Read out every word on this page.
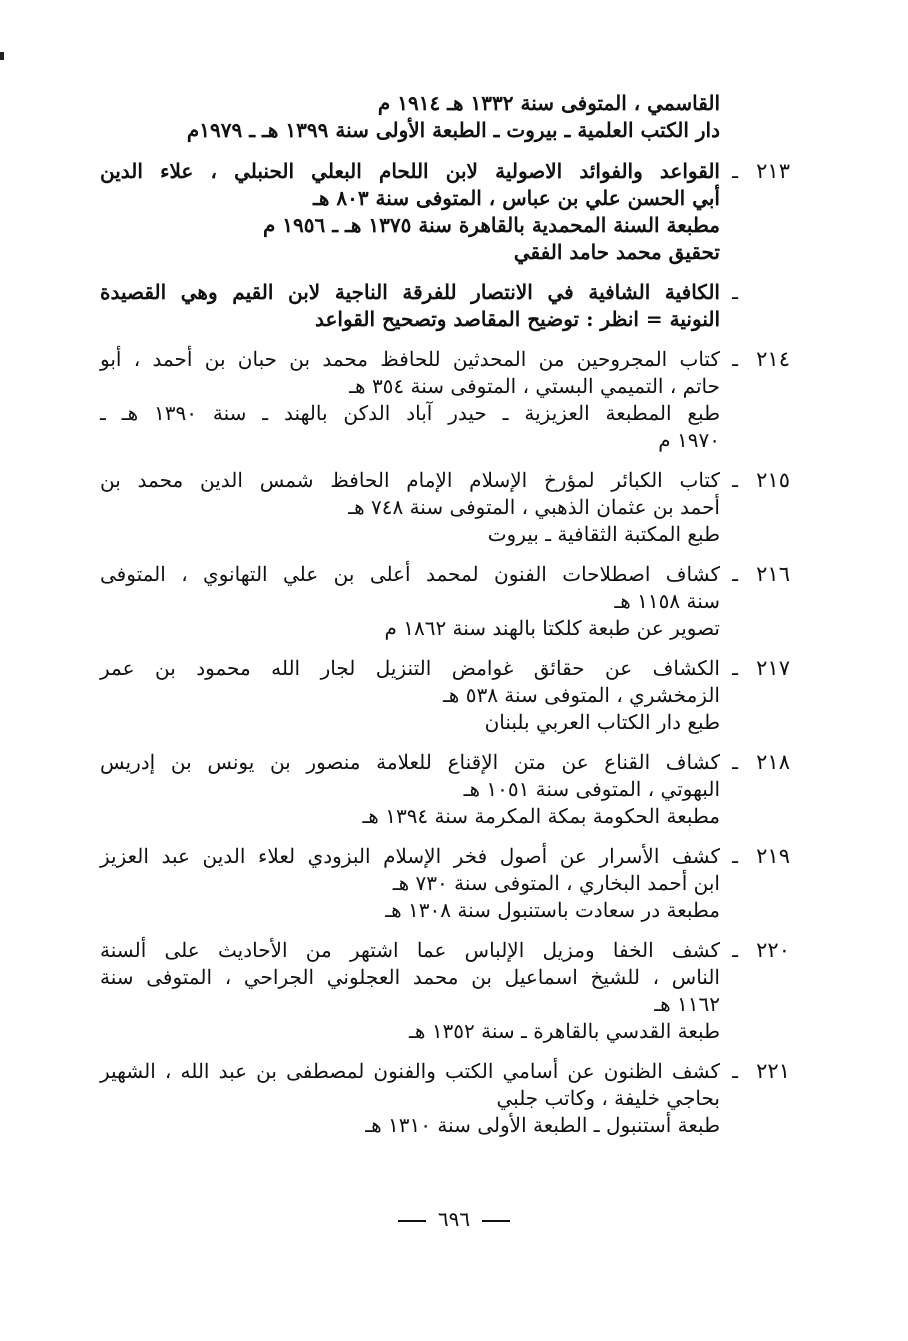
القاسمي ، المتوفى سنة ١٣٣٢ هـ ١٩١٤ م
دار الكتب العلمية ـ بيروت ـ الطبعة الأولى سنة ١٣٩٩ هـ ـ ١٩٧٩م
٢١٣
ـ
القواعد والفوائد الاصولية لابن اللحام البعلي الحنبلي ، علاء الدين
أبي الحسن علي بن عباس ، المتوفى سنة ٨٠٣ هـ
مطبعة السنة المحمدية بالقاهرة سنة ١٣٧٥ هـ ـ ١٩٥٦ م
تحقيق محمد حامد الفقي
ـ
الكافية الشافية في الانتصار للفرقة الناجية لابن القيم وهي القصيدة
النونية = انظر : توضيح المقاصد وتصحيح القواعد
٢١٤
ـ
كتاب المجروحين من المحدثين للحافظ محمد بن حبان بن أحمد ، أبو
حاتم ، التميمي البستي ، المتوفى سنة ٣٥٤ هـ
طبع المطبعة العزيزية ـ حيدر آباد الدكن بالهند ـ سنة ١٣٩٠ هـ ـ
١٩٧٠ م
٢١٥
ـ
كتاب الكبائر لمؤرخ الإسلام الإمام الحافظ شمس الدين محمد بن
أحمد بن عثمان الذهبي ، المتوفى سنة ٧٤٨ هـ
طبع المكتبة الثقافية ـ بيروت
٢١٦
ـ
كشاف اصطلاحات الفنون لمحمد أعلى بن علي التهانوي ، المتوفى
سنة ١١٥٨ هـ
تصوير عن طبعة كلكتا بالهند سنة ١٨٦٢ م
٢١٧
ـ
الكشاف عن حقائق غوامض التنزيل لجار الله محمود بن عمر
الزمخشري ، المتوفى سنة ٥٣٨ هـ
طبع دار الكتاب العربي بلبنان
٢١٨
ـ
كشاف القناع عن متن الإقناع للعلامة منصور بن يونس بن إدريس
البهوتي ، المتوفى سنة ١٠٥١ هـ
مطبعة الحكومة بمكة المكرمة سنة ١٣٩٤ هـ
٢١٩
ـ
كشف الأسرار عن أصول فخر الإسلام البزودي لعلاء الدين عبد العزيز
ابن أحمد البخاري ، المتوفى سنة ٧٣٠ هـ
مطبعة در سعادت باستنبول سنة ١٣٠٨ هـ
٢٢٠
ـ
كشف الخفا ومزيل الإلباس عما اشتهر من الأحاديث على ألسنة
الناس ، للشيخ اسماعيل بن محمد العجلوني الجراحي ، المتوفى سنة
١١٦٢ هـ
طبعة القدسي بالقاهرة ـ سنة ١٣٥٢ هـ
٢٢١
ـ
كشف الظنون عن أسامي الكتب والفنون لمصطفى بن عبد الله ، الشهير
بحاجي خليفة ، وكاتب جلبي
طبعة أستنبول ـ الطبعة الأولى سنة ١٣١٠ هـ
٦٩٦
